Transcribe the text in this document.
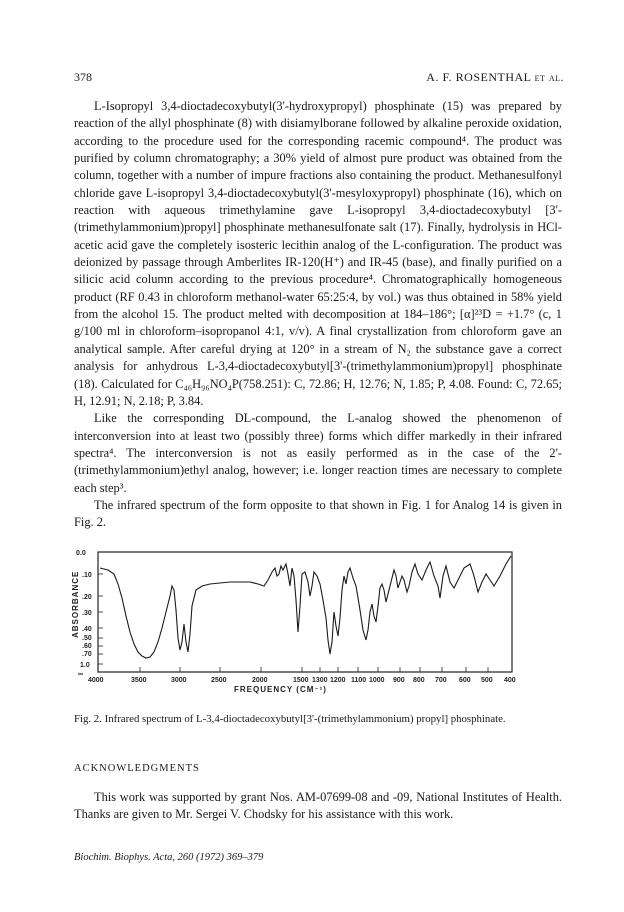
378	A. F. ROSENTHAL et al.

L-Isopropyl 3,4-dioctadecoxybutyl(3'-hydroxypropyl) phosphinate (15) was prepared by reaction of the allyl phosphinate (8) with disiamylborane followed by alkaline peroxide oxidation, according to the procedure used for the corresponding racemic compound⁴. The product was purified by column chromatography; a 30% yield of almost pure product was obtained from the column, together with a number of impure fractions also containing the product. Methanesulfonyl chloride gave L-isopropyl 3,4-dioctadecoxybutyl(3'-mesyloxypropyl) phosphinate (16), which on reaction with aqueous trimethylamine gave L-isopropyl 3,4-dioctadecoxybutyl [3'-(trimethylammonium)propyl] phosphinate methanesulfonate salt (17). Finally, hydrolysis in HCl-acetic acid gave the completely isosteric lecithin analog of the L-configuration. The product was deionized by passage through Amberlites IR-120(H⁺) and IR-45 (base), and finally purified on a silicic acid column according to the previous procedure⁴. Chromatographically homogeneous product (RF 0.43 in chloroform methanol-water 65:25:4, by vol.) was thus obtained in 58% yield from the alcohol 15. The product melted with decomposition at 184–186°; [α]²³D = +1.7° (c, 1 g/100 ml in chloroform–isopropanol 4:1, v/v). A final crystallization from chloroform gave an analytical sample. After careful drying at 120° in a stream of N₂ the substance gave a correct analysis for anhydrous L-3,4-dioctadecoxybutyl[3'-(trimethylammonium)propyl] phosphinate (18). Calculated for C₄₆H₉₆NO₄P(758.251): C, 72.86; H, 12.76; N, 1.85; P, 4.08. Found: C, 72.65; H, 12.91; N, 2.18; P, 3.84.

Like the corresponding DL-compound, the L-analog showed the phenomenon of interconversion into at least two (possibly three) forms which differ markedly in their infrared spectra⁴. The interconversion is not as easily performed as in the case of the 2'-(trimethylammonium)ethyl analog, however; i.e. longer reaction times are necessary to complete each step³.

The infrared spectrum of the form opposite to that shown in Fig. 1 for Analog 14 is given in Fig. 2.

0.0
.10
.20
.30
.40
.50
.60
.70
1.0
∞
ABSORBANCE
4000	3500	3000	2500	2000	1500 1300 1200 1100 1000 900 800 700 600 500 400
FREQUENCY (CM⁻¹)
Fig. 2. Infrared spectrum of L-3,4-dioctadecoxybutyl[3'-(trimethylammonium) propyl] phosphinate.
ACKNOWLEDGMENTS
This work was supported by grant Nos. AM-07699-08 and -09, National Institutes of Health. Thanks are given to Mr. Sergei V. Chodsky for his assistance with this work.
Biochim. Biophys. Acta, 260 (1972) 369–379
